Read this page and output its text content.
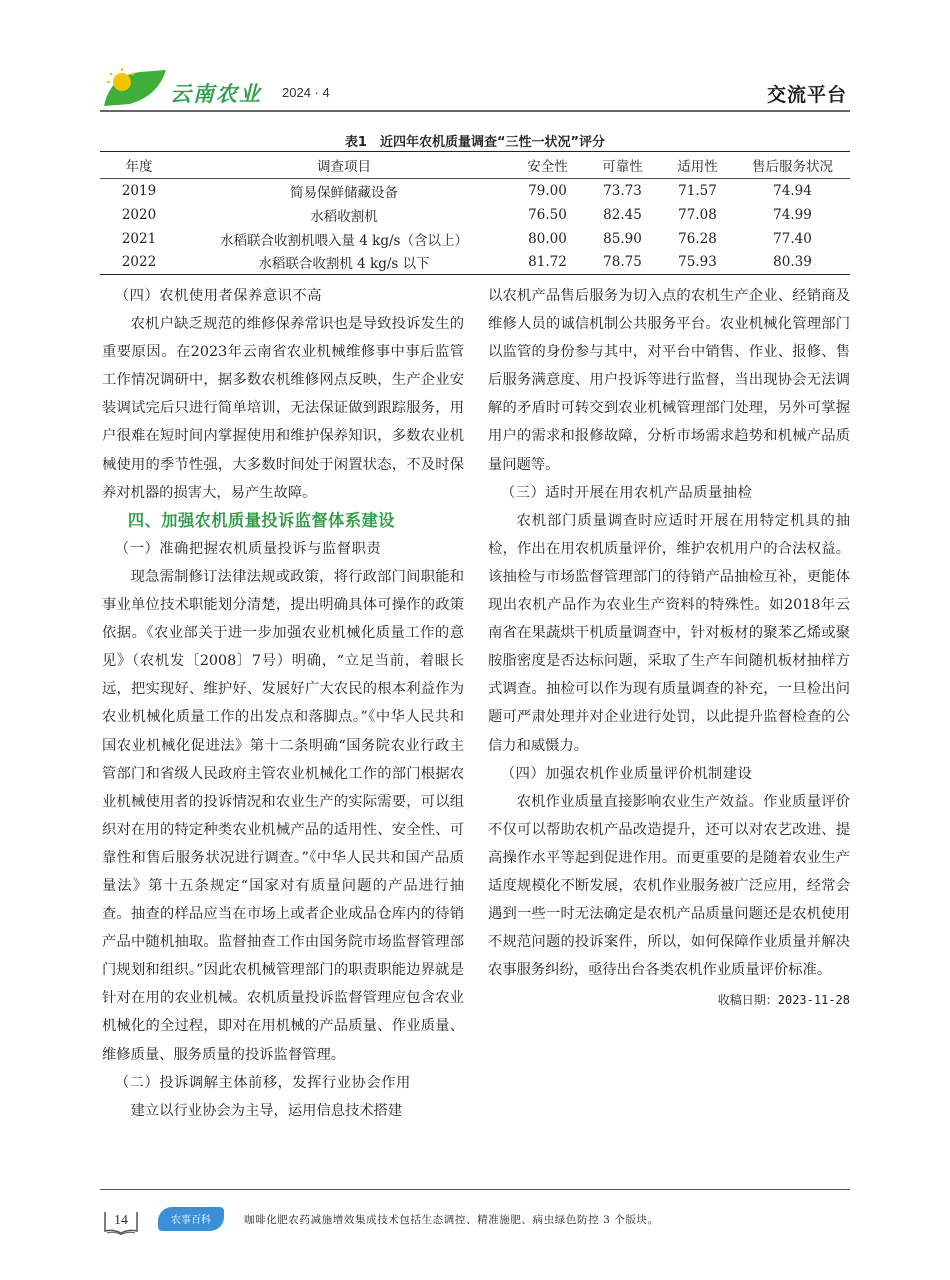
云南农业 2024 · 4	交流平台
表1　近四年农机质量调查“三性一状况”评分
年度	调查项目	安全性	可靠性	适用性	售后服务状况
2019	简易保鲜储藏设备	79.00	73.73	71.57	74.94
2020	水稻收割机	76.50	82.45	77.08	74.99
2021	水稻联合收割机喂入量 4 kg/s（含以上）	80.00	85.90	76.28	77.40
2022	水稻联合收割机 4 kg/s 以下	81.72	78.75	75.93	80.39
（四）农机使用者保养意识不高

农机户缺乏规范的维修保养常识也是导致投诉发生的重要原因。在2023年云南省农业机械维修事中事后监管工作情况调研中，据多数农机维修网点反映，生产企业安装调试完后只进行简单培训，无法保证做到跟踪服务，用户很难在短时间内掌握使用和维护保养知识，多数农业机械使用的季节性强，大多数时间处于闲置状态，不及时保养对机器的损害大，易产生故障。

四、加强农机质量投诉监督体系建设
（一）准确把握农机质量投诉与监督职责

现急需制修订法律法规或政策，将行政部门间职能和事业单位技术职能划分清楚，提出明确具体可操作的政策依据。《农业部关于进一步加强农业机械化质量工作的意见》（农机发〔2008〕7号）明确，“立足当前，着眼长远，把实现好、维护好、发展好广大农民的根本利益作为农业机械化质量工作的出发点和落脚点。”《中华人民共和国农业机械化促进法》第十二条明确“国务院农业行政主管部门和省级人民政府主管农业机械化工作的部门根据农业机械使用者的投诉情况和农业生产的实际需要，可以组织对在用的特定种类农业机械产品的适用性、安全性、可靠性和售后服务状况进行调查。”《中华人民共和国产品质量法》第十五条规定“国家对有质量问题的产品进行抽查。抽查的样品应当在市场上或者企业成品仓库内的待销产品中随机抽取。监督抽查工作由国务院市场监督管理部门规划和组织。”因此农机械管理部门的职责职能边界就是针对在用的农业机械。农机质量投诉监督管理应包含农业机械化的全过程，即对在用机械的产品质量、作业质量、维修质量、服务质量的投诉监督管理。

（二）投诉调解主体前移，发挥行业协会作用

建立以行业协会为主导，运用信息技术搭建

以农机产品售后服务为切入点的农机生产企业、经销商及维修人员的诚信机制公共服务平台。农业机械化管理部门以监管的身份参与其中，对平台中销售、作业、报修、售后服务满意度、用户投诉等进行监督，当出现协会无法调解的矛盾时可转交到农业机械管理部门处理，另外可掌握用户的需求和报修故障，分析市场需求趋势和机械产品质量问题等。

（三）适时开展在用农机产品质量抽检

农机部门质量调查时应适时开展在用特定机具的抽检，作出在用农机质量评价，维护农机用户的合法权益。该抽检与市场监督管理部门的待销产品抽检互补，更能体现出农机产品作为农业生产资料的特殊性。如2018年云南省在果蔬烘干机质量调查中，针对板材的聚苯乙烯或聚胺脂密度是否达标问题，采取了生产车间随机板材抽样方式调查。抽检可以作为现有质量调查的补充，一旦检出问题可严肃处理并对企业进行处罚，以此提升监督检查的公信力和威慑力。

（四）加强农机作业质量评价机制建设

农机作业质量直接影响农业生产效益。作业质量评价不仅可以帮助农机产品改造提升，还可以对农艺改进、提高操作水平等起到促进作用。而更重要的是随着农业生产适度规模化不断发展，农机作业服务被广泛应用，经常会遇到一些一时无法确定是农机产品质量问题还是农机使用不规范问题的投诉案件，所以，如何保障作业质量并解决农事服务纠纷，亟待出台各类农机作业质量评价标准。

收稿日期：2023-11-28
14	农事百科	咖啡化肥农药减施增效集成技术包括生态调控、精准施肥、病虫绿色防控 3 个版块。
